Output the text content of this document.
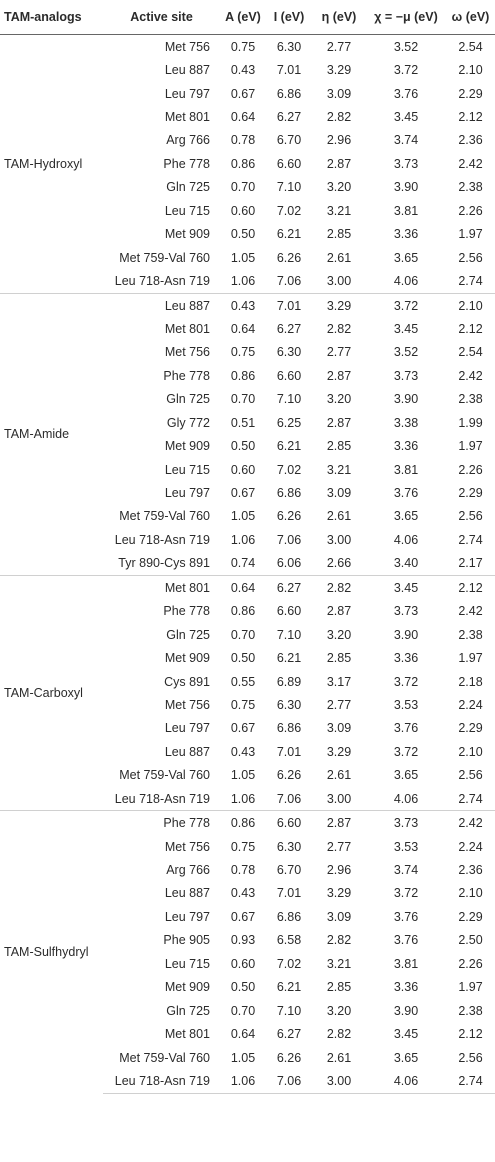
TAM-analogs	Active site	A (eV)	I (eV)	η (eV)	χ = −μ (eV)	ω (eV)
TAM-Hydroxyl	Met 756	0.75	6.30	2.77	3.52	2.54
	Leu 887	0.43	7.01	3.29	3.72	2.10
	Leu 797	0.67	6.86	3.09	3.76	2.29
	Met 801	0.64	6.27	2.82	3.45	2.12
	Arg 766	0.78	6.70	2.96	3.74	2.36
	Phe 778	0.86	6.60	2.87	3.73	2.42
	Gln 725	0.70	7.10	3.20	3.90	2.38
	Leu 715	0.60	7.02	3.21	3.81	2.26
	Met 909	0.50	6.21	2.85	3.36	1.97
	Met 759-Val 760	1.05	6.26	2.61	3.65	2.56
	Leu 718-Asn 719	1.06	7.06	3.00	4.06	2.74
TAM-Amide	Leu 887	0.43	7.01	3.29	3.72	2.10
	Met 801	0.64	6.27	2.82	3.45	2.12
	Met 756	0.75	6.30	2.77	3.52	2.54
	Phe 778	0.86	6.60	2.87	3.73	2.42
	Gln 725	0.70	7.10	3.20	3.90	2.38
	Gly 772	0.51	6.25	2.87	3.38	1.99
	Met 909	0.50	6.21	2.85	3.36	1.97
	Leu 715	0.60	7.02	3.21	3.81	2.26
	Leu 797	0.67	6.86	3.09	3.76	2.29
	Met 759-Val 760	1.05	6.26	2.61	3.65	2.56
	Leu 718-Asn 719	1.06	7.06	3.00	4.06	2.74
	Tyr 890-Cys 891	0.74	6.06	2.66	3.40	2.17
TAM-Carboxyl	Met 801	0.64	6.27	2.82	3.45	2.12
	Phe 778	0.86	6.60	2.87	3.73	2.42
	Gln 725	0.70	7.10	3.20	3.90	2.38
	Met 909	0.50	6.21	2.85	3.36	1.97
	Cys 891	0.55	6.89	3.17	3.72	2.18
	Met 756	0.75	6.30	2.77	3.53	2.24
	Leu 797	0.67	6.86	3.09	3.76	2.29
	Leu 887	0.43	7.01	3.29	3.72	2.10
	Met 759-Val 760	1.05	6.26	2.61	3.65	2.56
	Leu 718-Asn 719	1.06	7.06	3.00	4.06	2.74
TAM-Sulfhydryl	Phe 778	0.86	6.60	2.87	3.73	2.42
	Met 756	0.75	6.30	2.77	3.53	2.24
	Arg 766	0.78	6.70	2.96	3.74	2.36
	Leu 887	0.43	7.01	3.29	3.72	2.10
	Leu 797	0.67	6.86	3.09	3.76	2.29
	Phe 905	0.93	6.58	2.82	3.76	2.50
	Leu 715	0.60	7.02	3.21	3.81	2.26
	Met 909	0.50	6.21	2.85	3.36	1.97
	Gln 725	0.70	7.10	3.20	3.90	2.38
	Met 801	0.64	6.27	2.82	3.45	2.12
	Met 759-Val 760	1.05	6.26	2.61	3.65	2.56
	Leu 718-Asn 719	1.06	7.06	3.00	4.06	2.74
